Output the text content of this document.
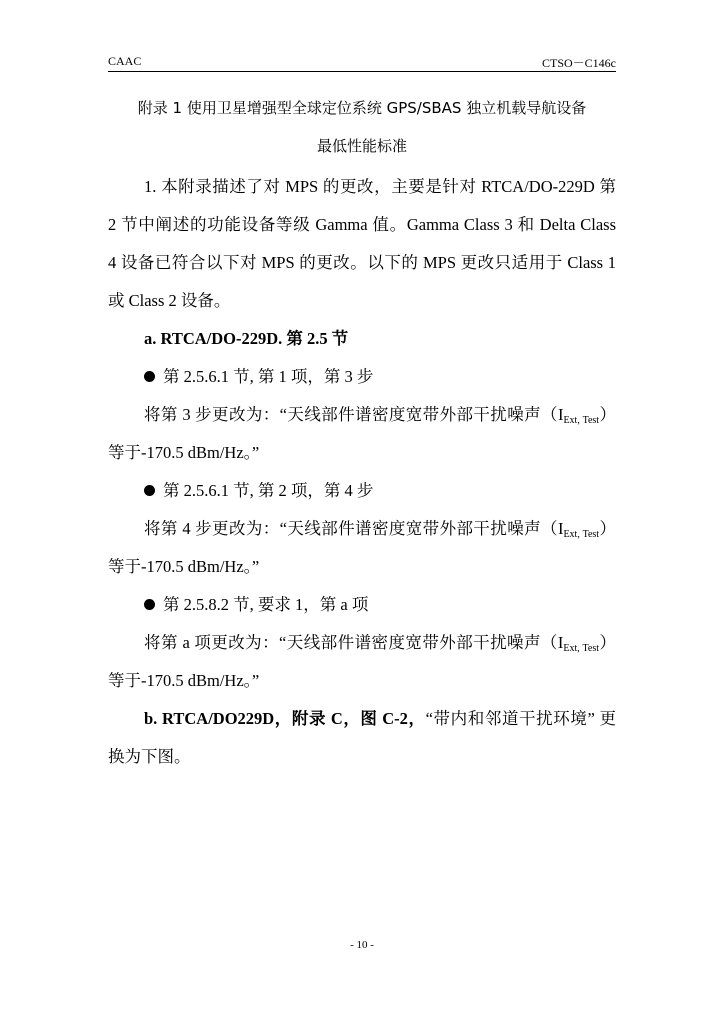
CAAC	CTSO－C146c
附录 1 使用卫星增强型全球定位系统 GPS/SBAS 独立机载导航设备
最低性能标准
1. 本附录描述了对 MPS 的更改，主要是针对 RTCA/DO-229D 第
2 节中阐述的功能设备等级 Gamma 值。Gamma Class 3 和 Delta Class
4 设备已符合以下对 MPS 的更改。以下的 MPS 更改只适用于 Class 1
或 Class 2 设备。
a. RTCA/DO-229D. 第 2.5 节
第 2.5.6.1 节, 第 1 项，第 3 步
将第 3 步更改为：“天线部件谱密度宽带外部干扰噪声$(I_{Ext, Test})$
等于-170.5 dBm/Hz。”
第 2.5.6.1 节, 第 2 项，第 4 步
将第 4 步更改为：“天线部件谱密度宽带外部干扰噪声$(I_{Ext, Test})$
等于-170.5 dBm/Hz。”
第 2.5.8.2 节, 要求 1，第 a 项
将第 a 项更改为：“天线部件谱密度宽带外部干扰噪声$(I_{Ext, Test})$
等于-170.5 dBm/Hz。”
b. RTCA/DO229D，附录 C，图 C-2，“带内和邻道干扰环境” 更
换为下图。
- 10 -
